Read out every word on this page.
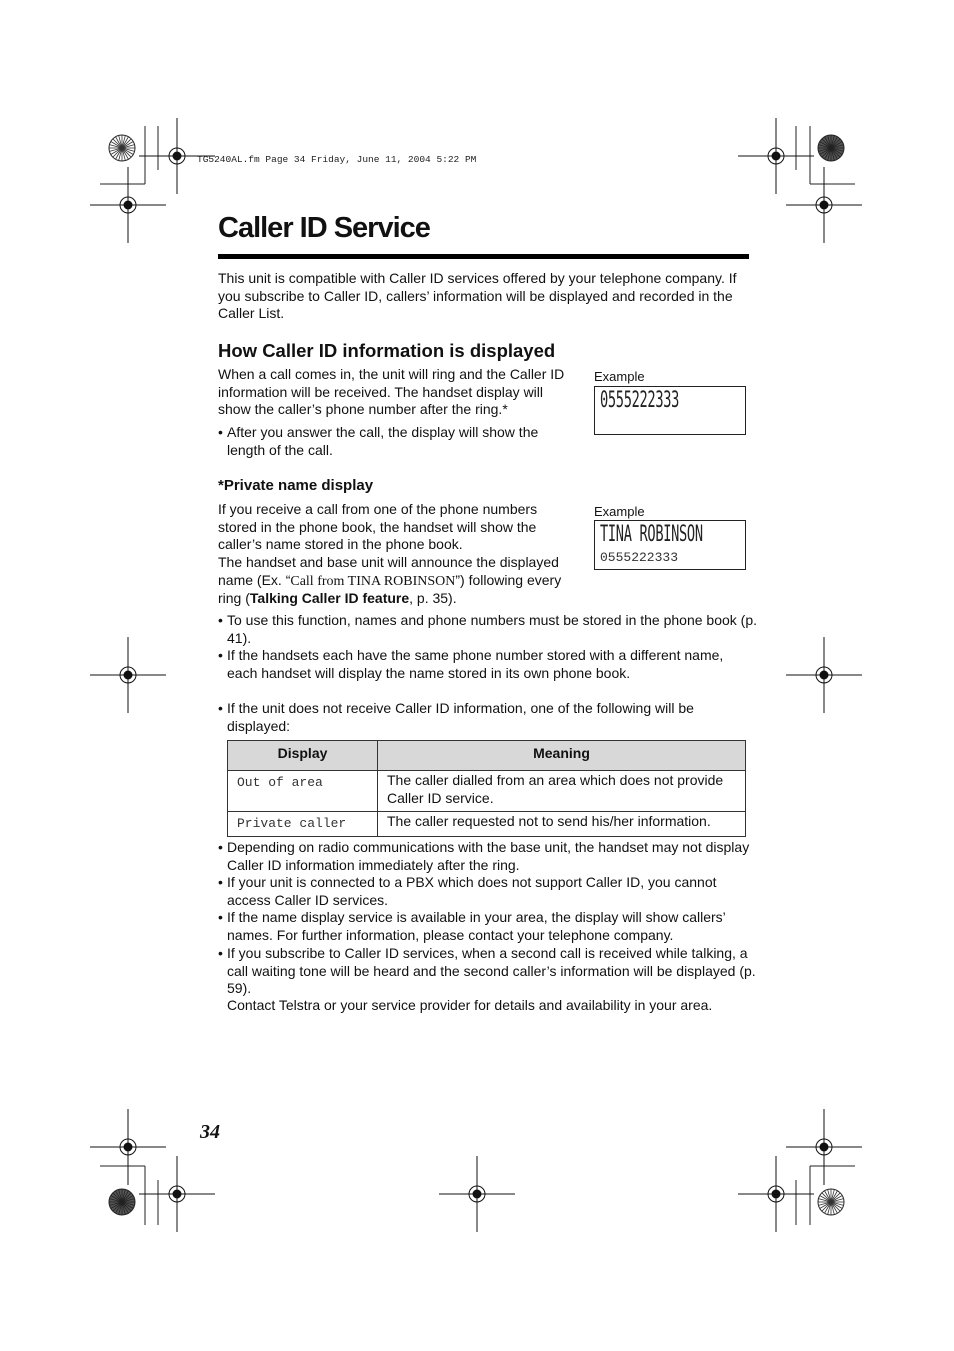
TG5240AL.fm Page 34 Friday, June 11, 2004 5:22 PM
Caller ID Service
This unit is compatible with Caller ID services offered by your telephone company. If you subscribe to Caller ID, callers’ information will be displayed and recorded in the Caller List.
How Caller ID information is displayed
When a call comes in, the unit will ring and the Caller ID information will be received. The handset display will show the caller’s phone number after the ring.*
• After you answer the call, the display will show the length of the call.
Example
0555222333
*Private name display
If you receive a call from one of the phone numbers stored in the phone book, the handset will show the caller’s name stored in the phone book.
The handset and base unit will announce the displayed name (Ex. “Call from TINA ROBINSON”) following every ring (Talking Caller ID feature, p. 35).
Example
TINA ROBINSON
0555222333
• To use this function, names and phone numbers must be stored in the phone book (p. 41).
• If the handsets each have the same phone number stored with a different name, each handset will display the name stored in its own phone book.
• If the unit does not receive Caller ID information, one of the following will be displayed:
Display	Meaning
Out of area	The caller dialled from an area which does not provide Caller ID service.
Private caller	The caller requested not to send his/her information.
• Depending on radio communications with the base unit, the handset may not display Caller ID information immediately after the ring.
• If your unit is connected to a PBX which does not support Caller ID, you cannot access Caller ID services.
• If the name display service is available in your area, the display will show callers’ names. For further information, please contact your telephone company.
• If you subscribe to Caller ID services, when a second call is received while talking, a call waiting tone will be heard and the second caller’s information will be displayed (p. 59).
Contact Telstra or your service provider for details and availability in your area.
34
